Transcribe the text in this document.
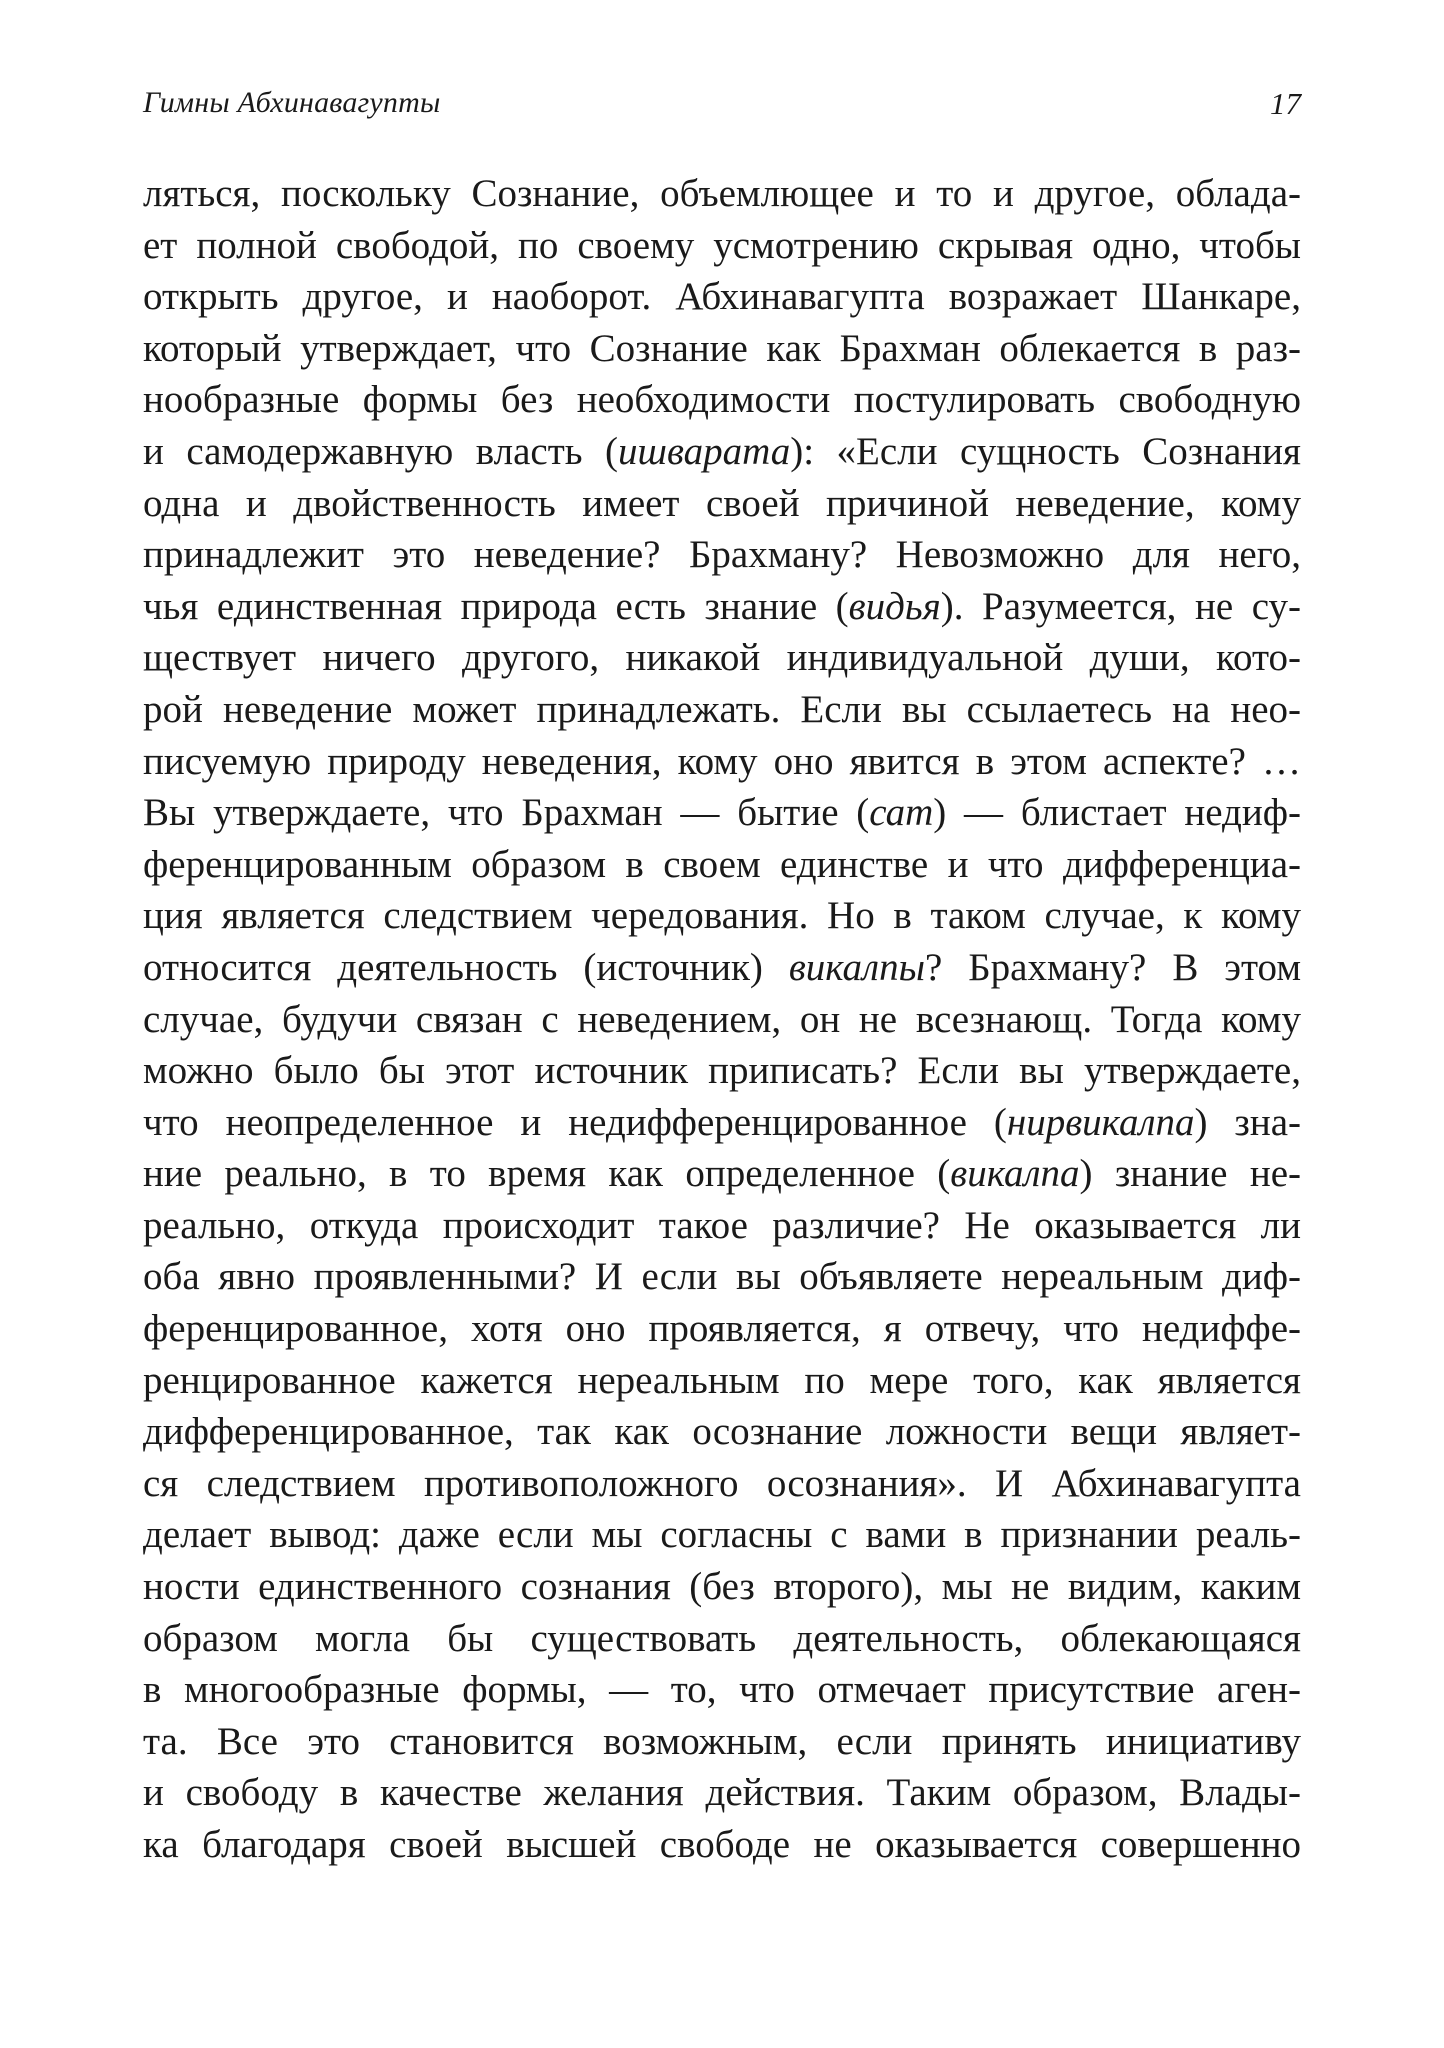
Гимны Абхинавагупты	17
ляться, поскольку Сознание, объемлющее и то и другое, облада-
ет полной свободой, по своему усмотрению скрывая одно, чтобы
открыть другое, и наоборот. Абхинавагупта возражает Шанкаре,
который утверждает, что Сознание как Брахман облекается в раз-
нообразные формы без необходимости постулировать свободную
и самодержавную власть (ишварата): «Если сущность Сознания
одна и двойственность имеет своей причиной неведение, кому
принадлежит это неведение? Брахману? Невозможно для него,
чья единственная природа есть знание (видья). Разумеется, не су-
ществует ничего другого, никакой индивидуальной души, кото-
рой неведение может принадлежать. Если вы ссылаетесь на нео-
писуемую природу неведения, кому оно явится в этом аспекте? …
Вы утверждаете, что Брахман — бытие (сат) — блистает недиф-
ференцированным образом в своем единстве и что дифференциа-
ция является следствием чередования. Но в таком случае, к кому
относится деятельность (источник) викалпы? Брахману? В этом
случае, будучи связан с неведением, он не всезнающ. Тогда кому
можно было бы этот источник приписать? Если вы утверждаете,
что неопределенное и недифференцированное (нирвикалпа) зна-
ние реально, в то время как определенное (викалпа) знание не-
реально, откуда происходит такое различие? Не оказывается ли
оба явно проявленными? И если вы объявляете нереальным диф-
ференцированное, хотя оно проявляется, я отвечу, что недиффе-
ренцированное кажется нереальным по мере того, как является
дифференцированное, так как осознание ложности вещи являет-
ся следствием противоположного осознания». И Абхинавагупта
делает вывод: даже если мы согласны с вами в признании реаль-
ности единственного сознания (без второго), мы не видим, каким
образом могла бы существовать деятельность, облекающаяся
в многообразные формы, — то, что отмечает присутствие аген-
та. Все это становится возможным, если принять инициативу
и свободу в качестве желания действия. Таким образом, Влады-
ка благодаря своей высшей свободе не оказывается совершенно
